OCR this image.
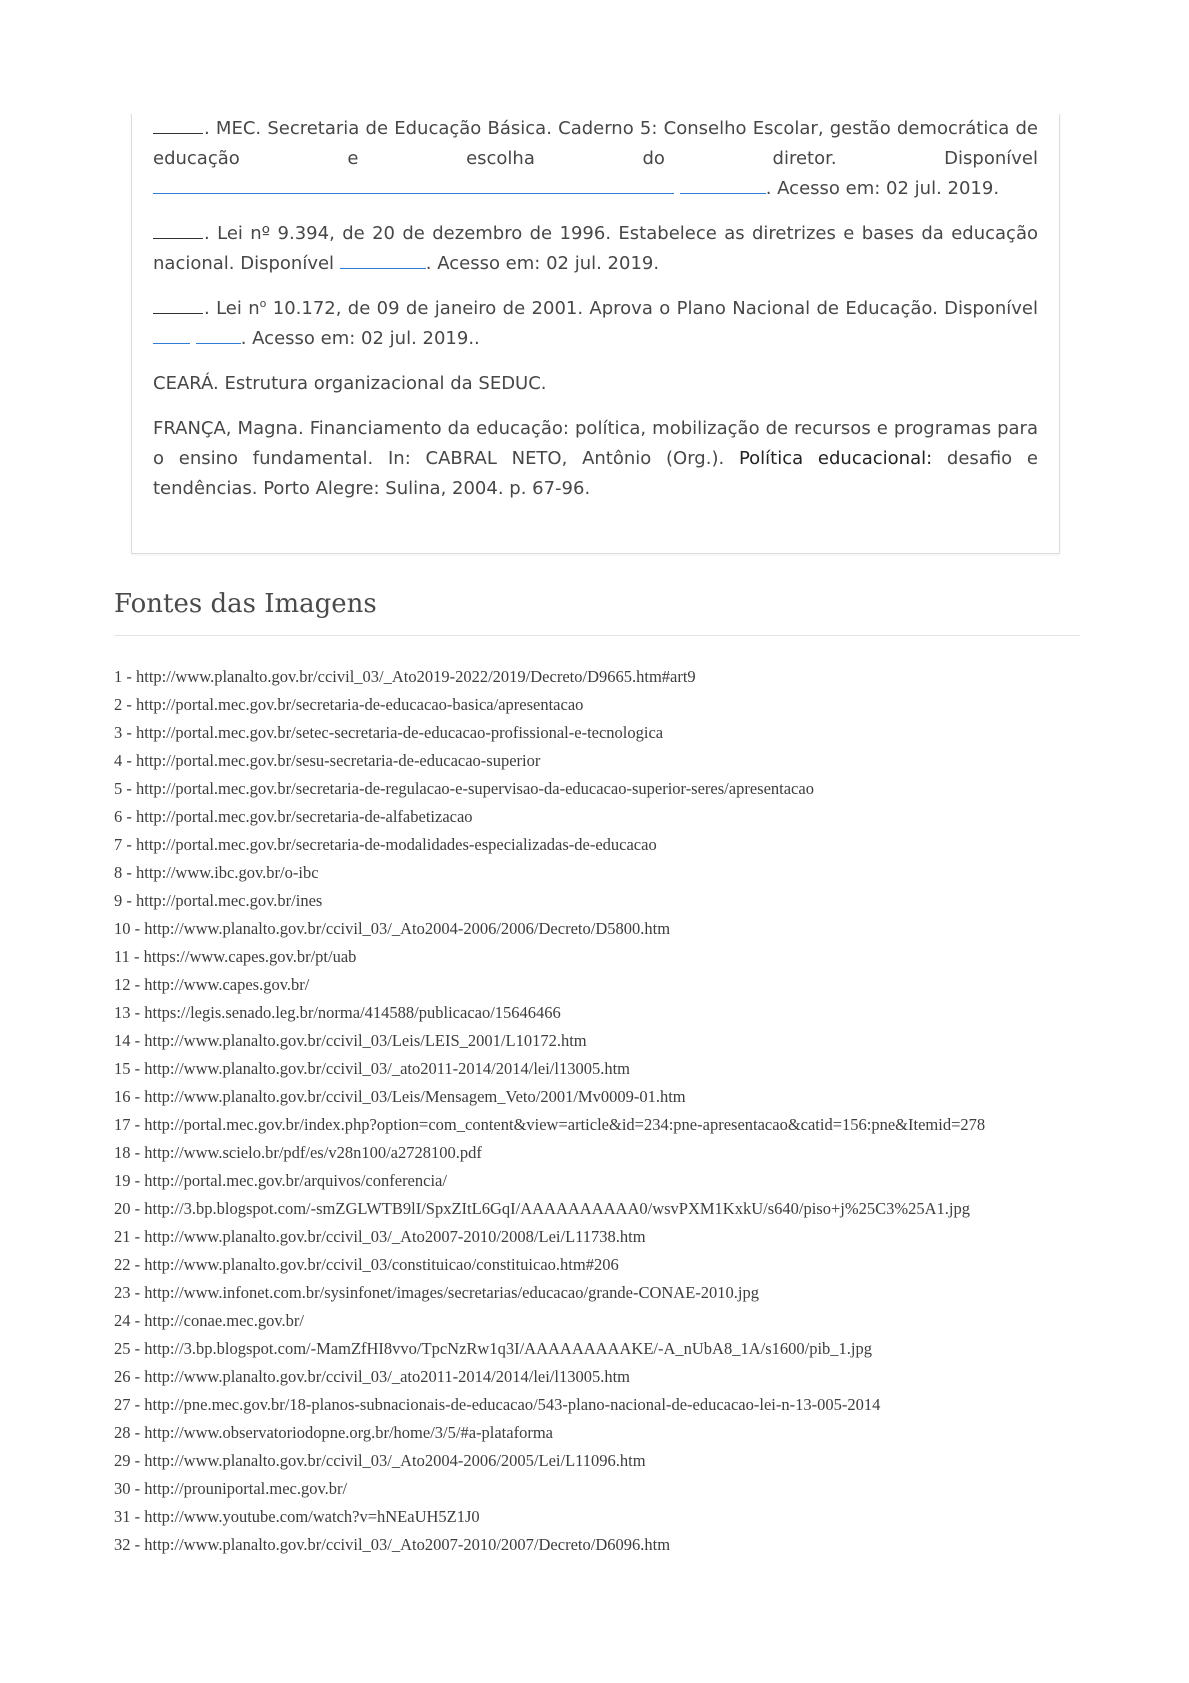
. MEC. Secretaria de Educação Básica. Caderno 5: Conselho Escolar, gestão democrática de educação e escolha do diretor. Disponível  . Acesso em: 02 jul. 2019.

. Lei nº 9.394, de 20 de dezembro de 1996. Estabelece as diretrizes e bases da educação nacional. Disponível	. Acesso em: 02 jul. 2019.

. Lei $n^o$ 10.172, de 09 de janeiro de 2001. Aprova o Plano Nacional de Educação. Disponível  . Acesso em: 02 jul. 2019..

CEARÁ. Estrutura organizacional da SEDUC.

FRANÇA, Magna. Financiamento da educação: política, mobilização de recursos e programas para o ensino fundamental. In: CABRAL NETO, Antônio (Org.). Política educacional: desafio e tendências. Porto Alegre: Sulina, 2004. p. 67-96.

Fontes das Imagens
1 - http://www.planalto.gov.br/ccivil_03/_Ato2019-2022/2019/Decreto/D9665.htm#art9
2 - http://portal.mec.gov.br/secretaria-de-educacao-basica/apresentacao
3 - http://portal.mec.gov.br/setec-secretaria-de-educacao-profissional-e-tecnologica
4 - http://portal.mec.gov.br/sesu-secretaria-de-educacao-superior
5 - http://portal.mec.gov.br/secretaria-de-regulacao-e-supervisao-da-educacao-superior-seres/apresentacao
6 - http://portal.mec.gov.br/secretaria-de-alfabetizacao
7 - http://portal.mec.gov.br/secretaria-de-modalidades-especializadas-de-educacao
8 - http://www.ibc.gov.br/o-ibc
9 - http://portal.mec.gov.br/ines
10 - http://www.planalto.gov.br/ccivil_03/_Ato2004-2006/2006/Decreto/D5800.htm
11 - https://www.capes.gov.br/pt/uab
12 - http://www.capes.gov.br/
13 - https://legis.senado.leg.br/norma/414588/publicacao/15646466
14 - http://www.planalto.gov.br/ccivil_03/Leis/LEIS_2001/L10172.htm
15 - http://www.planalto.gov.br/ccivil_03/_ato2011-2014/2014/lei/l13005.htm
16 - http://www.planalto.gov.br/ccivil_03/Leis/Mensagem_Veto/2001/Mv0009-01.htm
17 - http://portal.mec.gov.br/index.php?option=com_content&view=article&id=234:pne-apresentacao&catid=156:pne&Itemid=278
18 - http://www.scielo.br/pdf/es/v28n100/a2728100.pdf
19 - http://portal.mec.gov.br/arquivos/conferencia/
20 - http://3.bp.blogspot.com/-smZGLWTB9lI/SpxZItL6GqI/AAAAAAAAAA0/wsvPXM1KxkU/s640/piso+j%25C3%25A1.jpg
21 - http://www.planalto.gov.br/ccivil_03/_Ato2007-2010/2008/Lei/L11738.htm
22 - http://www.planalto.gov.br/ccivil_03/constituicao/constituicao.htm#206
23 - http://www.infonet.com.br/sysinfonet/images/secretarias/educacao/grande-CONAE-2010.jpg
24 - http://conae.mec.gov.br/
25 - http://3.bp.blogspot.com/-MamZfHI8vvo/TpcNzRw1q3I/AAAAAAAAAKE/-A_nUbA8_1A/s1600/pib_1.jpg
26 - http://www.planalto.gov.br/ccivil_03/_ato2011-2014/2014/lei/l13005.htm
27 - http://pne.mec.gov.br/18-planos-subnacionais-de-educacao/543-plano-nacional-de-educacao-lei-n-13-005-2014
28 - http://www.observatoriodopne.org.br/home/3/5/#a-plataforma
29 - http://www.planalto.gov.br/ccivil_03/_Ato2004-2006/2005/Lei/L11096.htm
30 - http://prouniportal.mec.gov.br/
31 - http://www.youtube.com/watch?v=hNEaUH5Z1J0
32 - http://www.planalto.gov.br/ccivil_03/_Ato2007-2010/2007/Decreto/D6096.htm
